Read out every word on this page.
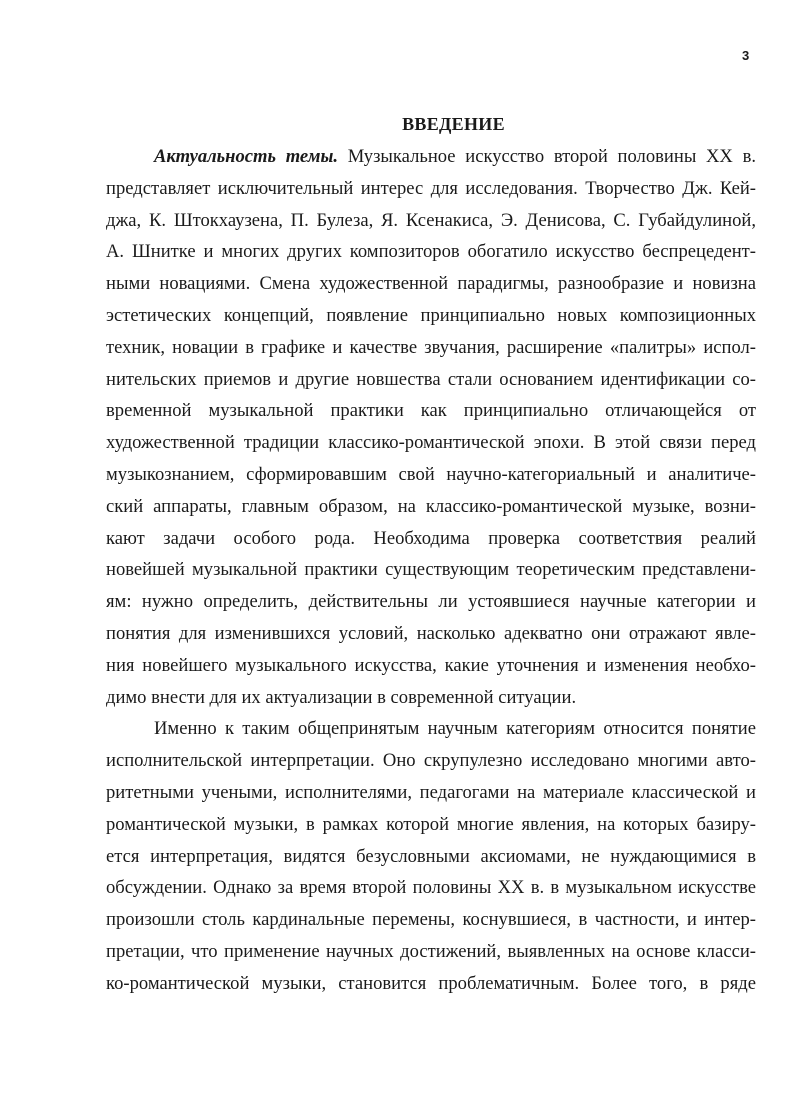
3
ВВЕДЕНИЕ
Актуальность темы. Музыкальное искусство второй половины XX в.
представляет исключительный интерес для исследования. Творчество Дж. Кей-
джа, К. Штокхаузена, П. Булеза, Я. Ксенакиса, Э. Денисова, С. Губайдулиной,
А. Шнитке и многих других композиторов обогатило искусство беспрецедент-
ными новациями. Смена художественной парадигмы, разнообразие и новизна
эстетических концепций, появление принципиально новых композиционных
техник, новации в графике и качестве звучания, расширение «палитры» испол-
нительских приемов и другие новшества стали основанием идентификации со-
временной музыкальной практики как принципиально отличающейся от
художественной традиции классико-романтической эпохи. В этой связи перед
музыкознанием, сформировавшим свой научно-категориальный и аналитиче-
ский аппараты, главным образом, на классико-романтической музыке, возни-
кают задачи особого рода. Необходима проверка соответствия реалий
новейшей музыкальной практики существующим теоретическим представлени-
ям: нужно определить, действительны ли устоявшиеся научные категории и
понятия для изменившихся условий, насколько адекватно они отражают явле-
ния новейшего музыкального искусства, какие уточнения и изменения необхо-
димо внести для их актуализации в современной ситуации.
Именно к таким общепринятым научным категориям относится понятие
исполнительской интерпретации. Оно скрупулезно исследовано многими авто-
ритетными учеными, исполнителями, педагогами на материале классической и
романтической музыки, в рамках которой многие явления, на которых базиру-
ется интерпретация, видятся безусловными аксиомами, не нуждающимися в
обсуждении. Однако за время второй половины XX в. в музыкальном искусстве
произошли столь кардинальные перемены, коснувшиеся, в частности, и интер-
претации, что применение научных достижений, выявленных на основе класси-
ко-романтической музыки, становится проблематичным. Более того, в ряде
